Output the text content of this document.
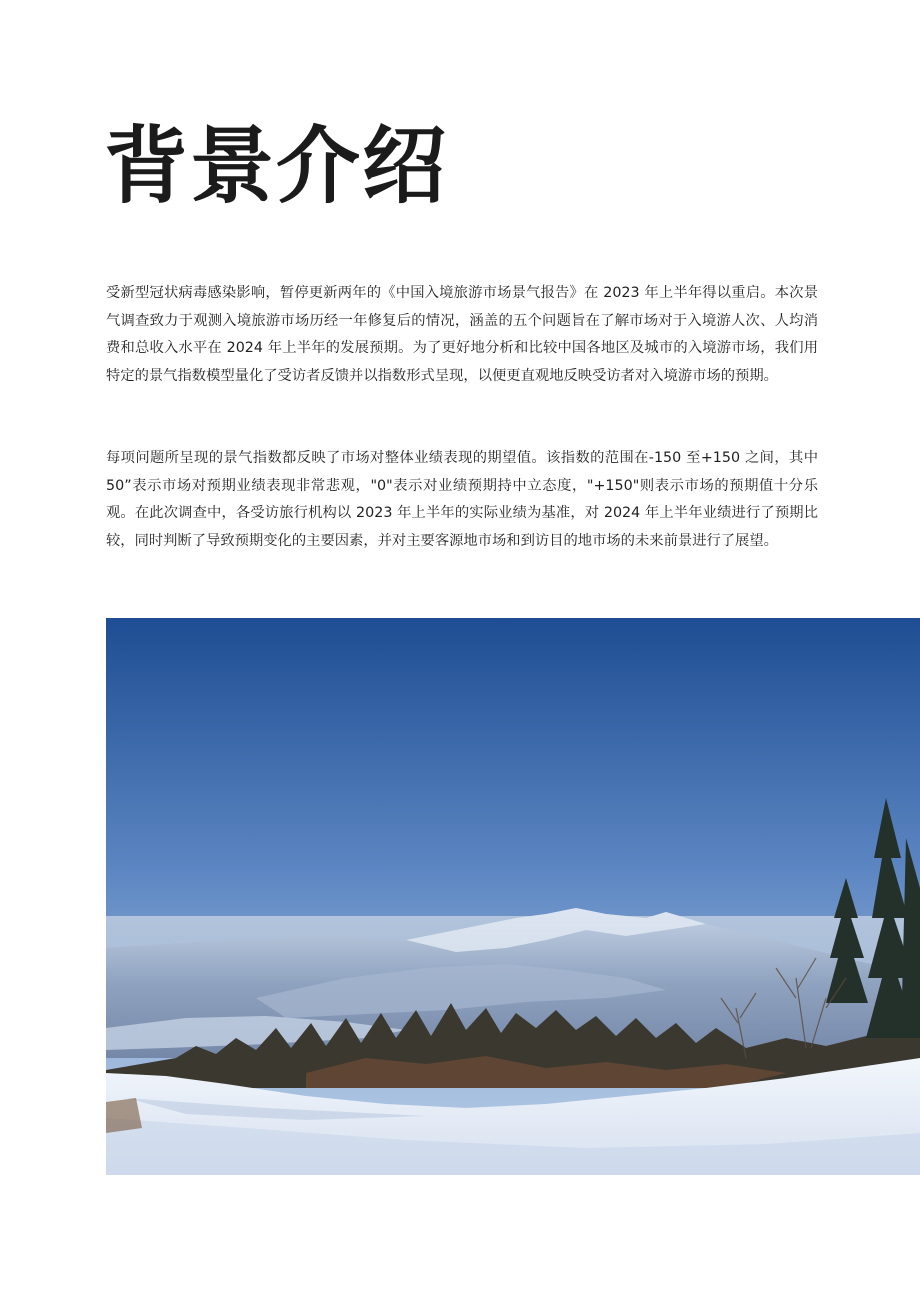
背景介绍

受新型冠状病毒感染影响，暂停更新两年的《中国入境旅游市场景气报告》在 2023 年上半年得以重启。本次景气调查致力于观测入境旅游市场历经一年修复后的情况，涵盖的五个问题旨在了解市场对于入境游人次、人均消费和总收入水平在 2024 年上半年的发展预期。为了更好地分析和比较中国各地区及城市的入境游市场，我们用特定的景气指数模型量化了受访者反馈并以指数形式呈现，以便更直观地反映受访者对入境游市场的预期。

每项问题所呈现的景气指数都反映了市场对整体业绩表现的期望值。该指数的范围在-150 至+150 之间，其中 50”表示市场对预期业绩表现非常悲观，"0"表示对业绩预期持中立态度，"+150"则表示市场的预期值十分乐观。在此次调查中，各受访旅行机构以 2023 年上半年的实际业绩为基准，对 2024 年上半年业绩进行了预期比较，同时判断了导致预期变化的主要因素，并对主要客源地市场和到访目的地市场的未来前景进行了展望。
